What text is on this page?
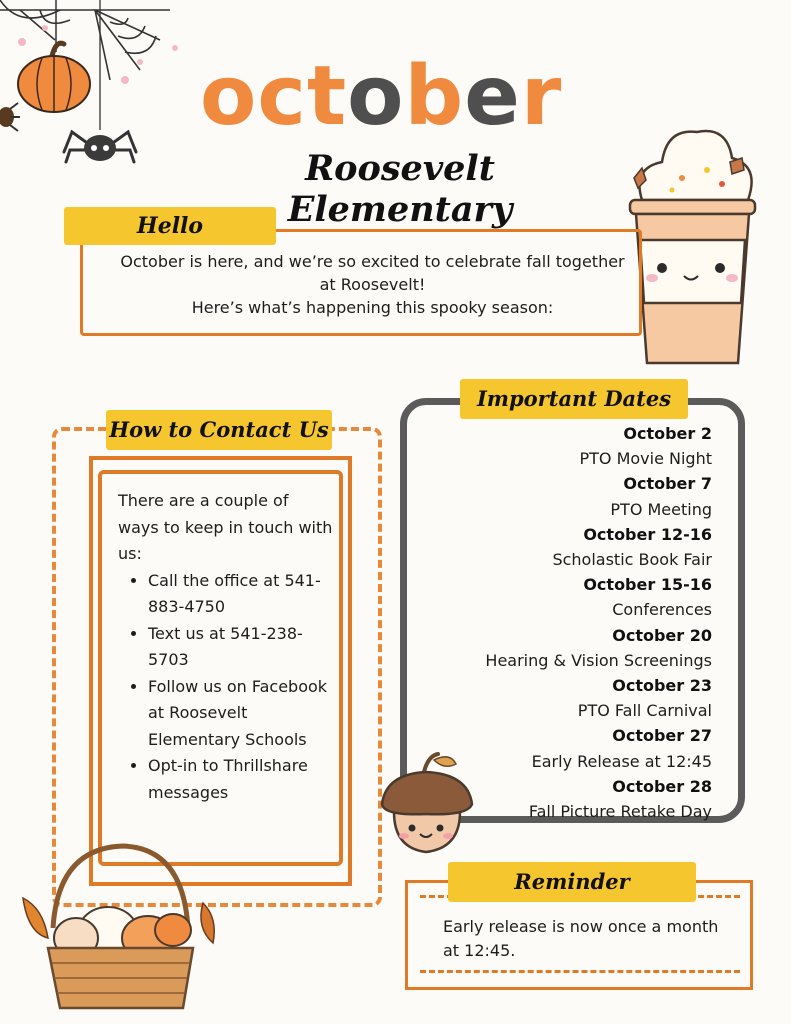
october
Roosevelt Elementary
Hello
October is here, and we’re so excited to celebrate fall together
at Roosevelt!
Here’s what’s happening this spooky season:
How to Contact Us
There are a couple of ways to keep in touch with us:
• Call the office at 541-883-4750
• Text us at 541-238-5703
• Follow us on Facebook at Roosevelt Elementary Schools
• Opt-in to Thrillshare messages
Important Dates
October 2
PTO Movie Night
October 7
PTO Meeting
October 12-16
Scholastic Book Fair
October 15-16
Conferences
October 20
Hearing & Vision Screenings
October 23
PTO Fall Carnival
October 27
Early Release at 12:45
October 28
Fall Picture Retake Day
Reminder
Early release is now once a month at 12:45.
